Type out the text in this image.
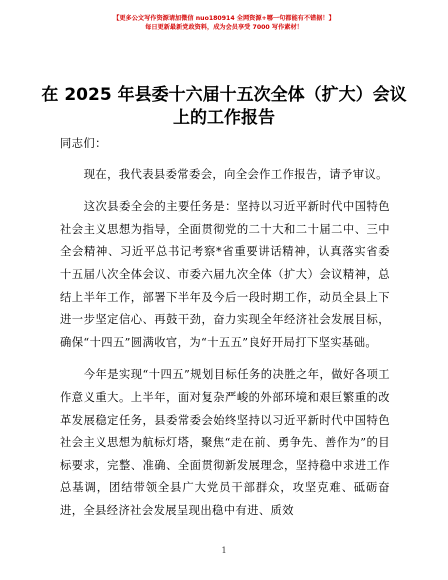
【更多公文写作资源请加微信 nuo180914 全网资源+哪一句都能有不错据！】
每日更新最新党政资料，成为会员享受 7000 写作素材！
在 2025 年县委十六届十五次全体（扩大）会议上的工作报告

同志们：

现在，我代表县委常委会，向全会作工作报告，请予审议。

这次县委全会的主要任务是：坚持以习近平新时代中国特色社会主义思想为指导，全面贯彻党的二十大和二十届二中、三中全会精神、习近平总书记考察*省重要讲话精神，认真落实省委十五届八次全体会议、市委六届九次全体（扩大）会议精神，总结上半年工作，部署下半年及今后一段时期工作，动员全县上下进一步坚定信心、再鼓干劲，奋力实现全年经济社会发展目标，确保“十四五”圆满收官，为“十五五”良好开局打下坚实基础。

今年是实现“十四五”规划目标任务的决胜之年，做好各项工作意义重大。上半年，面对复杂严峻的外部环境和艰巨繁重的改革发展稳定任务，县委常委会始终坚持以习近平新时代中国特色社会主义思想为航标灯塔，聚焦“走在前、勇争先、善作为”的目标要求，完整、准确、全面贯彻新发展理念，坚持稳中求进工作总基调，团结带领全县广大党员干部群众，攻坚克难、砥砺奋进，全县经济社会发展呈现出稳中有进、质效

1
